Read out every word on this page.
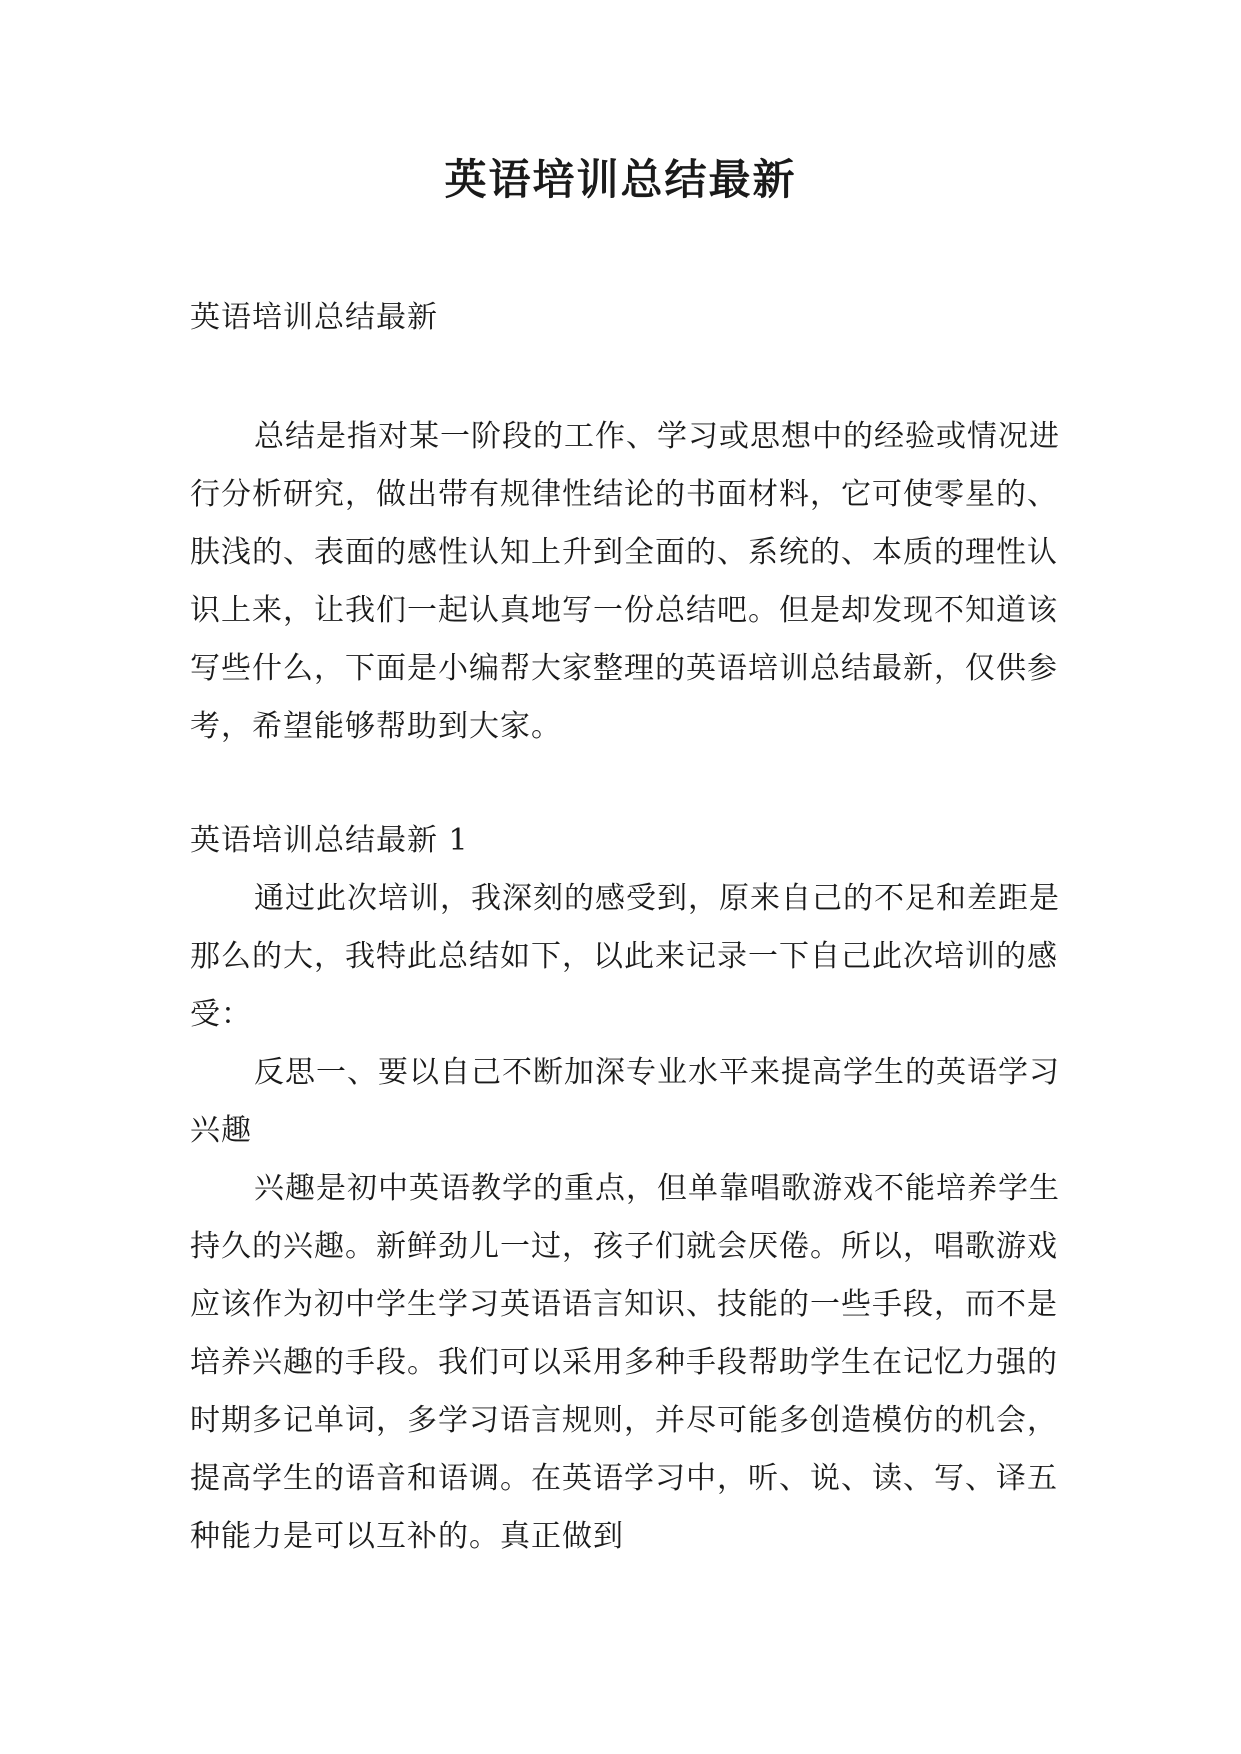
英语培训总结最新

英语培训总结最新

总结是指对某一阶段的工作、学习或思想中的经验或情况进行分析研究，做出带有规律性结论的书面材料，它可使零星的、肤浅的、表面的感性认知上升到全面的、系统的、本质的理性认识上来，让我们一起认真地写一份总结吧。但是却发现不知道该写些什么，下面是小编帮大家整理的英语培训总结最新，仅供参考，希望能够帮助到大家。

英语培训总结最新 1

通过此次培训，我深刻的感受到，原来自己的不足和差距是那么的大，我特此总结如下，以此来记录一下自己此次培训的感受：

反思一、要以自己不断加深专业水平来提高学生的英语学习兴趣

兴趣是初中英语教学的重点，但单靠唱歌游戏不能培养学生持久的兴趣。新鲜劲儿一过，孩子们就会厌倦。所以，唱歌游戏应该作为初中学生学习英语语言知识、技能的一些手段，而不是培养兴趣的手段。我们可以采用多种手段帮助学生在记忆力强的时期多记单词，多学习语言规则，并尽可能多创造模仿的机会，提高学生的语音和语调。在英语学习中，听、说、读、写、译五种能力是可以互补的。真正做到
